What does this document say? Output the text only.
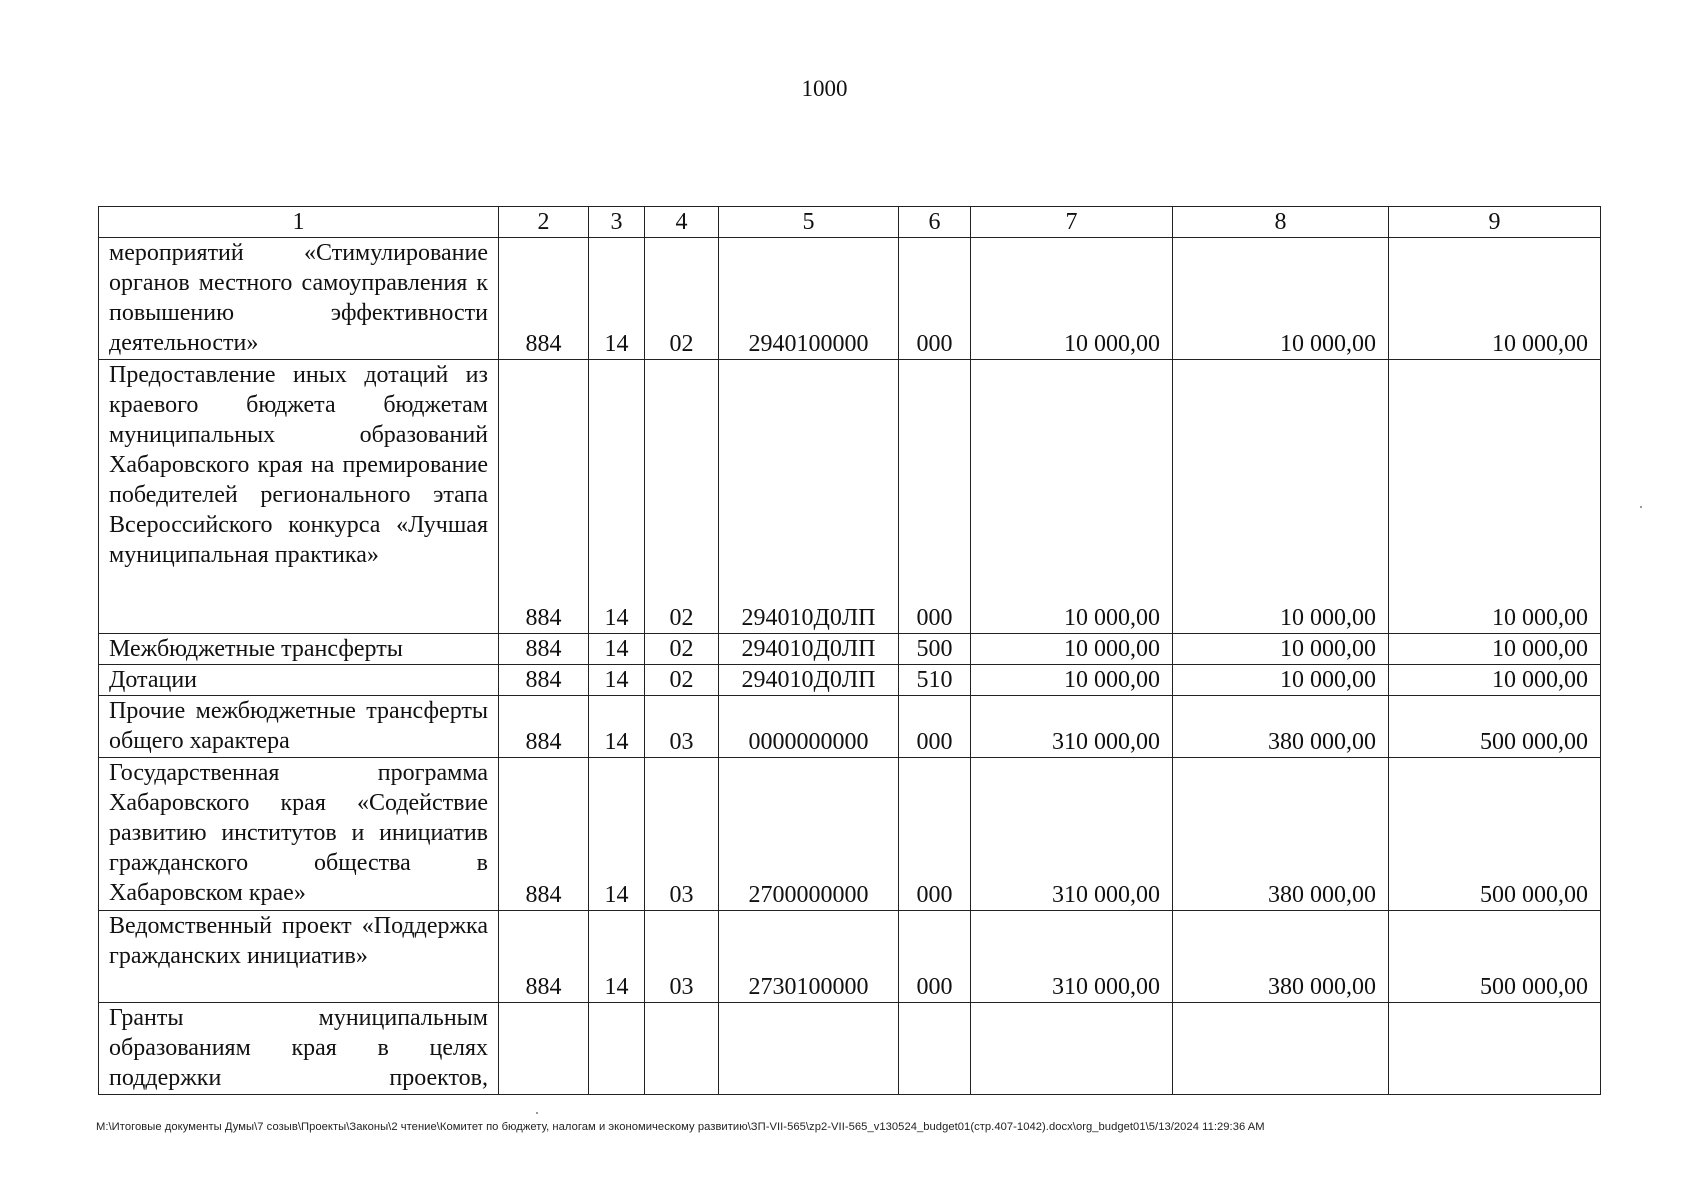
1000
1	2	3	4	5	6	7	8	9
мероприятий «Стимулирование органов местного самоуправления к повышению эффективности деятельности»	884	14	02	2940100000	000	10 000,00	10 000,00	10 000,00
Предоставление иных дотаций из краевого бюджета бюджетам муниципальных образований Хабаровского края на премирование победителей регионального этапа Всероссийского конкурса «Лучшая муниципальная практика»	884	14	02	294010Д0ЛП	000	10 000,00	10 000,00	10 000,00
Межбюджетные трансферты	884	14	02	294010Д0ЛП	500	10 000,00	10 000,00	10 000,00
Дотации	884	14	02	294010Д0ЛП	510	10 000,00	10 000,00	10 000,00
Прочие межбюджетные трансферты общего характера	884	14	03	0000000000	000	310 000,00	380 000,00	500 000,00
Государственная программа Хабаровского края «Содействие развитию институтов и инициатив гражданского общества в Хабаровском крае»	884	14	03	2700000000	000	310 000,00	380 000,00	500 000,00
Ведомственный проект «Поддержка гражданских инициатив»	884	14	03	2730100000	000	310 000,00	380 000,00	500 000,00
Гранты муниципальным образованиям края в целях поддержки проектов,								
M:\Итоговые документы Думы\7 созыв\Проекты\Законы\2 чтение\Комитет по бюджету, налогам и экономическому развитию\ЗП-VII-565\zp2-VII-565_v130524_budget01(стр.407-1042).docx\org_budget01\5/13/2024 11:29:36 AM
